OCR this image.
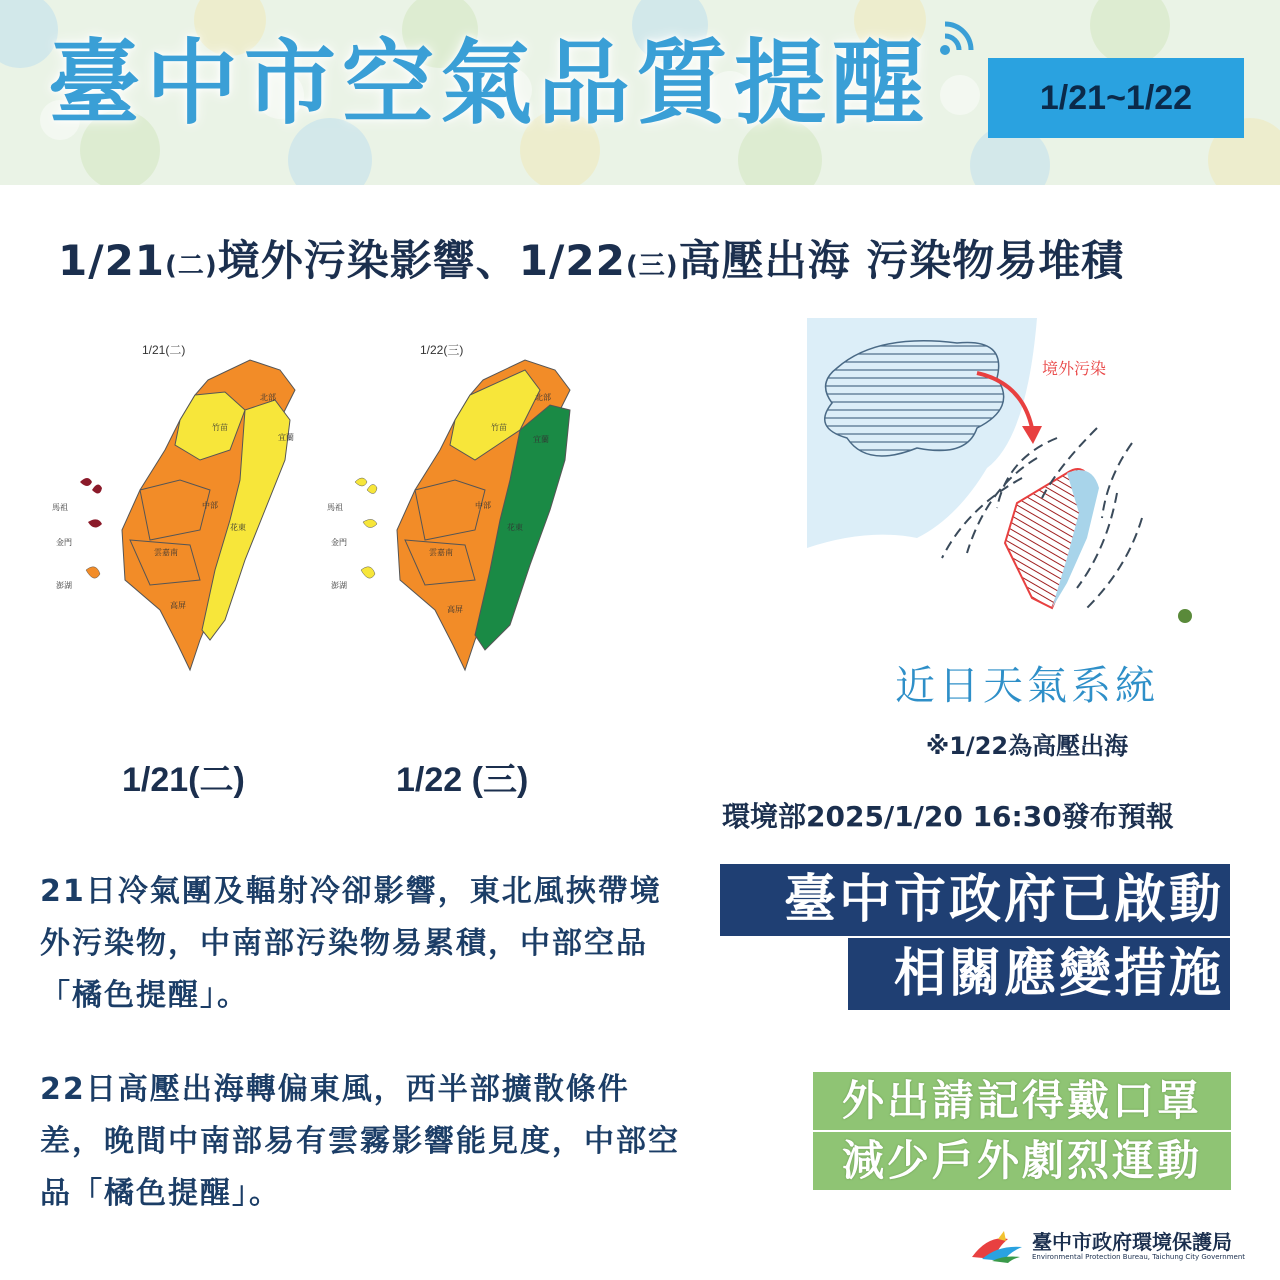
臺中市空氣品質提醒	1/21~1/22
1/21(二)境外污染影響、1/22(三)高壓出海 污染物易堆積
1/21(二)
北部
竹苗
宜蘭
中部
花東
雲嘉南
高屏
馬祖
金門
澎湖
1/21(二)
1/22(三)
北部
竹苗
宜蘭
中部
花東
雲嘉南
高屏
馬祖
金門
澎湖
1/22 (三)
境外污染
近日天氣系統
※1/22為高壓出海
環境部2025/1/20 16:30發布預報
21日冷氣團及輻射冷卻影響，東北風挾帶境外污染物，中南部污染物易累積，中部空品「橘色提醒」。
22日高壓出海轉偏東風，西半部擴散條件差，晚間中南部易有雲霧影響能見度，中部空品「橘色提醒」。
臺中市政府已啟動
相關應變措施
外出請記得戴口罩
減少戶外劇烈運動
臺中市政府環境保護局
Environmental Protection Bureau, Taichung City Government
